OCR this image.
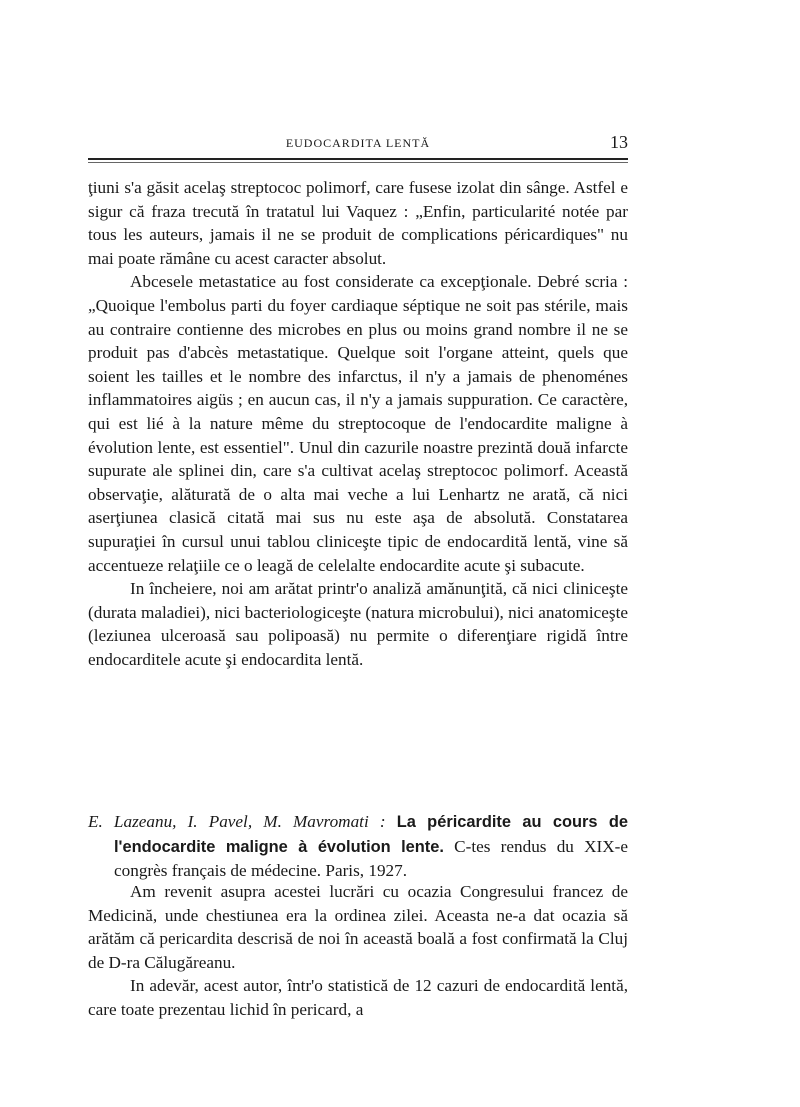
EUDOCARDITA LENTĂ	13

ţiuni s'a găsit acelaş streptococ polimorf, care fusese izolat din sânge. Astfel e sigur că fraza trecută în tratatul lui Vaquez : „Enfin, particularité notée par tous les auteurs, jamais il ne se produit de complications péricardiques" nu mai poate rămâne cu acest caracter absolut.

Abcesele metastatice au fost considerate ca excepţionale. Debré scria : „Quoique l'embolus parti du foyer cardiaque séptique ne soit pas stérile, mais au contraire contienne des microbes en plus ou moins grand nombre il ne se produit pas d'abcès metastatique. Quelque soit l'organe atteint, quels que soient les tailles et le nombre des infarctus, il n'y a jamais de phenoménes inflammatoires aigüs ; en aucun cas, il n'y a jamais suppuration. Ce caractère, qui est lié à la nature même du streptocoque de l'endocardite maligne à évolution lente, est essentiel". Unul din cazurile noastre prezintă două infarcte supurate ale splinei din, care s'a cultivat acelaş streptococ polimorf. Această observaţie, alăturată de o alta mai veche a lui Lenhartz ne arată, că nici aserţiunea clasică citată mai sus nu este aşa de absolută. Constatarea supuraţiei în cursul unui tablou cliniceşte tipic de endocardită lentă, vine să accentueze relaţiile ce o leagă de celelalte endocardite acute şi subacute.

In încheiere, noi am arătat printr'o analiză amănunţită, că nici cliniceşte (durata maladiei), nici bacteriologiceşte (natura microbului), nici anatomiceşte (leziunea ulceroasă sau polipoasă) nu permite o diferenţiare rigidă între endocarditele acute şi endocardita lentă.

E. Lazeanu, I. Pavel, M. Mavromati : La péricardite au cours de l'endocardite maligne à évolution lente. C-tes rendus du XIX-e congrès français de médecine. Paris, 1927.

Am revenit asupra acestei lucrări cu ocazia Congresului francez de Medicină, unde chestiunea era la ordinea zilei. Aceasta ne-a dat ocazia să arătăm că pericardita descrisă de noi în această boală a fost confirmată la Cluj de D-ra Călugăreanu.

In adevăr, acest autor, într'o statistică de 12 cazuri de endocardită lentă, care toate prezentau lichid în pericard, a
